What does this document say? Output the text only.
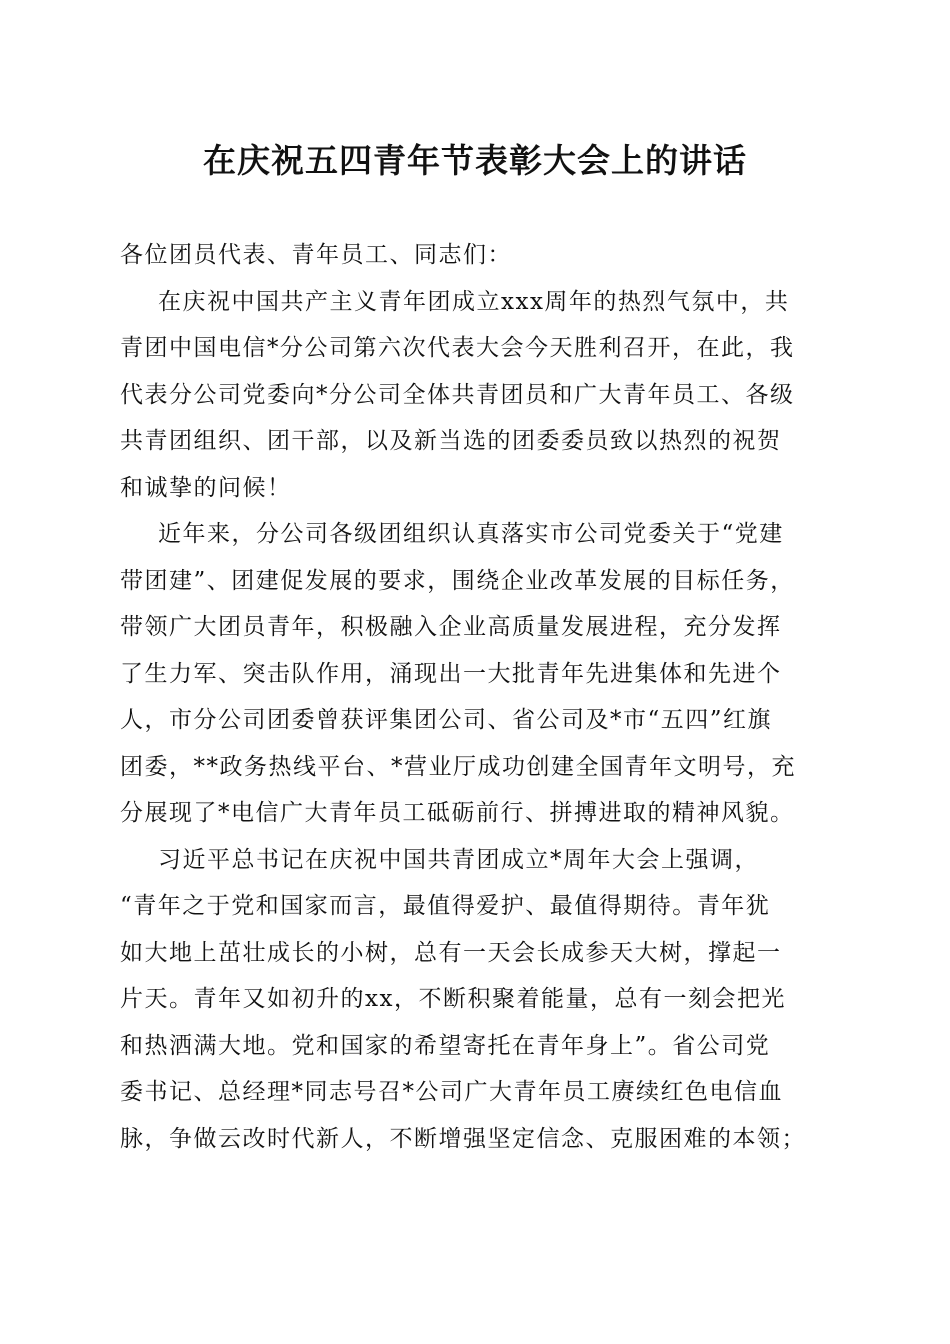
在庆祝五四青年节表彰大会上的讲话
各位团员代表、青年员工、同志们：
在庆祝中国共产主义青年团成立xxx周年的热烈气氛中，共
青团中国电信*分公司第六次代表大会今天胜利召开，在此，我
代表分公司党委向*分公司全体共青团员和广大青年员工、各级
共青团组织、团干部，以及新当选的团委委员致以热烈的祝贺
和诚挚的问候！
近年来，分公司各级团组织认真落实市公司党委关于“党建
带团建”、团建促发展的要求，围绕企业改革发展的目标任务，
带领广大团员青年，积极融入企业高质量发展进程，充分发挥
了生力军、突击队作用，涌现出一大批青年先进集体和先进个
人，市分公司团委曾获评集团公司、省公司及*市“五四”红旗
团委，**政务热线平台、*营业厅成功创建全国青年文明号，充
分展现了*电信广大青年员工砥砺前行、拼搏进取的精神风貌。
习近平总书记在庆祝中国共青团成立*周年大会上强调，
“青年之于党和国家而言，最值得爱护、最值得期待。青年犹
如大地上茁壮成长的小树，总有一天会长成参天大树，撑起一
片天。青年又如初升的xx，不断积聚着能量，总有一刻会把光
和热洒满大地。党和国家的希望寄托在青年身上”。省公司党
委书记、总经理*同志号召*公司广大青年员工赓续红色电信血
脉，争做云改时代新人，不断增强坚定信念、克服困难的本领；
